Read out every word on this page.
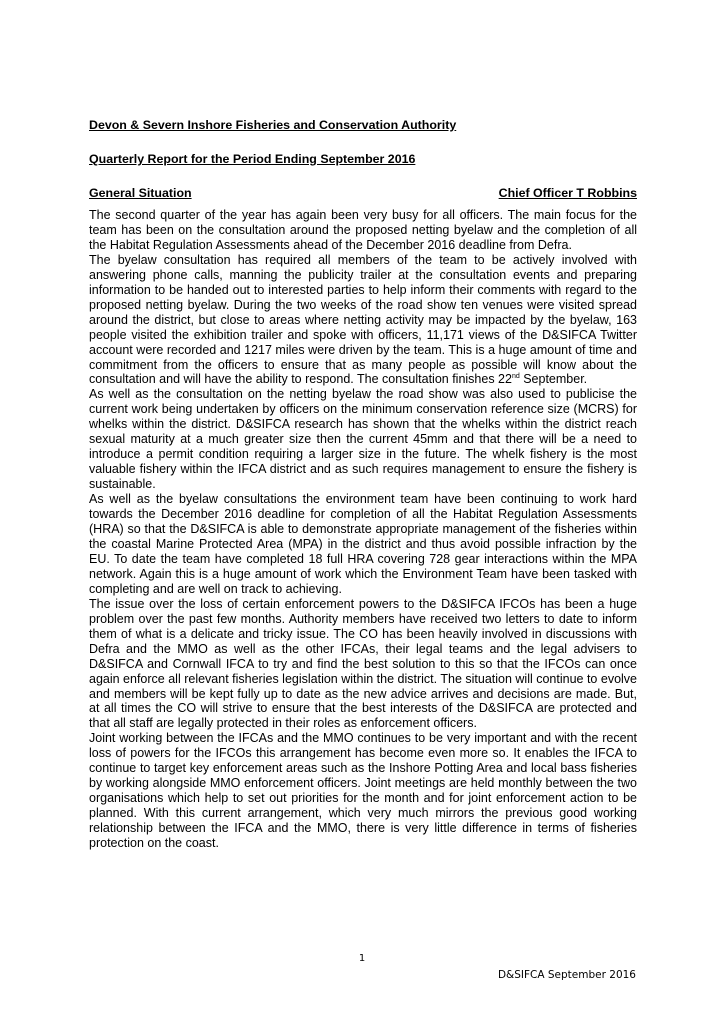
Devon & Severn Inshore Fisheries and Conservation Authority

Quarterly Report for the Period Ending September 2016

General Situation	Chief Officer T Robbins

The second quarter of the year has again been very busy for all officers. The main focus for the team has been on the consultation around the proposed netting byelaw and the completion of all the Habitat Regulation Assessments ahead of the December 2016 deadline from Defra.

The byelaw consultation has required all members of the team to be actively involved with answering phone calls, manning the publicity trailer at the consultation events and preparing information to be handed out to interested parties to help inform their comments with regard to the proposed netting byelaw. During the two weeks of the road show ten venues were visited spread around the district, but close to areas where netting activity may be impacted by the byelaw, 163 people visited the exhibition trailer and spoke with officers, 11,171 views of the D&SIFCA Twitter account were recorded and 1217 miles were driven by the team. This is a huge amount of time and commitment from the officers to ensure that as many people as possible will know about the consultation and will have the ability to respond. The consultation finishes 22nd September.

As well as the consultation on the netting byelaw the road show was also used to publicise the current work being undertaken by officers on the minimum conservation reference size (MCRS) for whelks within the district. D&SIFCA research has shown that the whelks within the district reach sexual maturity at a much greater size then the current 45mm and that there will be a need to introduce a permit condition requiring a larger size in the future. The whelk fishery is the most valuable fishery within the IFCA district and as such requires management to ensure the fishery is sustainable.

As well as the byelaw consultations the environment team have been continuing to work hard towards the December 2016 deadline for completion of all the Habitat Regulation Assessments (HRA) so that the D&SIFCA is able to demonstrate appropriate management of the fisheries within the coastal Marine Protected Area (MPA) in the district and thus avoid possible infraction by the EU. To date the team have completed 18 full HRA covering 728 gear interactions within the MPA network. Again this is a huge amount of work which the Environment Team have been tasked with completing and are well on track to achieving.

The issue over the loss of certain enforcement powers to the D&SIFCA IFCOs has been a huge problem over the past few months. Authority members have received two letters to date to inform them of what is a delicate and tricky issue. The CO has been heavily involved in discussions with Defra and the MMO as well as the other IFCAs, their legal teams and the legal advisers to D&SIFCA and Cornwall IFCA to try and find the best solution to this so that the IFCOs can once again enforce all relevant fisheries legislation within the district. The situation will continue to evolve and members will be kept fully up to date as the new advice arrives and decisions are made. But, at all times the CO will strive to ensure that the best interests of the D&SIFCA are protected and that all staff are legally protected in their roles as enforcement officers.

Joint working between the IFCAs and the MMO continues to be very important and with the recent loss of powers for the IFCOs this arrangement has become even more so. It enables the IFCA to continue to target key enforcement areas such as the Inshore Potting Area and local bass fisheries by working alongside MMO enforcement officers. Joint meetings are held monthly between the two organisations which help to set out priorities for the month and for joint enforcement action to be planned. With this current arrangement, which very much mirrors the previous good working relationship between the IFCA and the MMO, there is very little difference in terms of fisheries protection on the coast.

1
D&SIFCA September 2016
